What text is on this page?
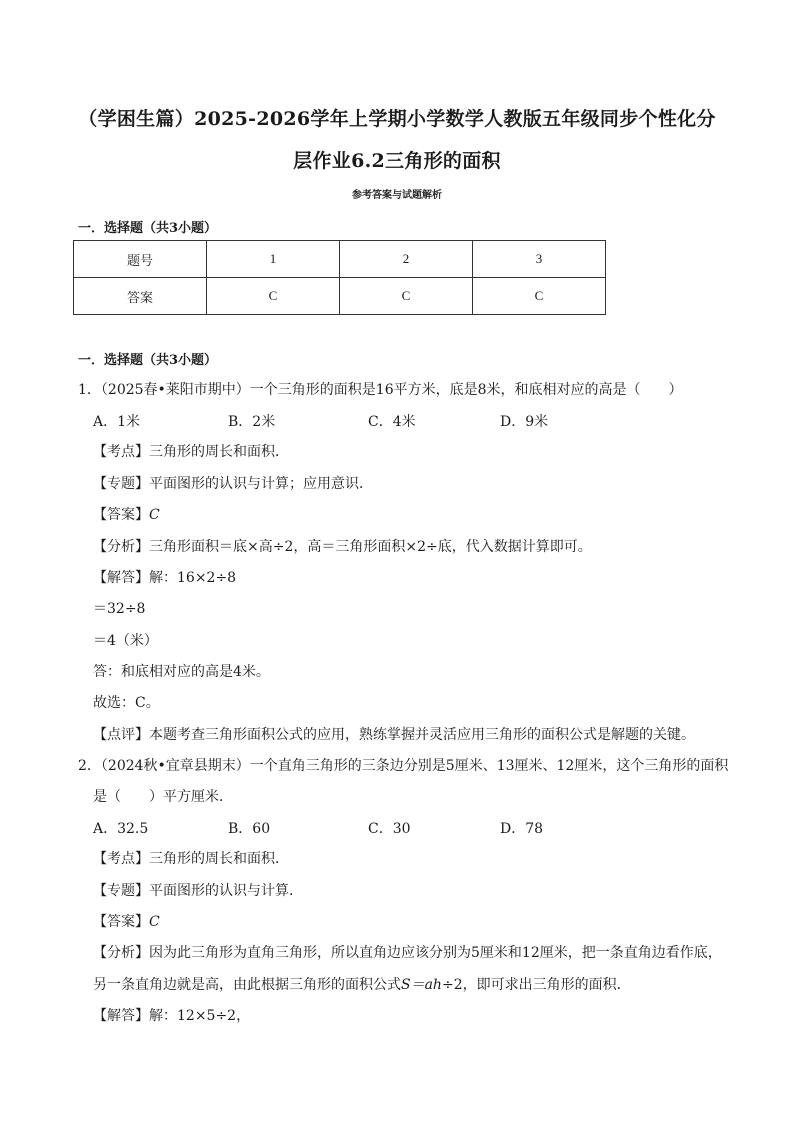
（学困生篇）2025-2026学年上学期小学数学人教版五年级同步个性化分
层作业6.2三角形的面积
参考答案与试题解析
一．选择题（共3小题）
题号	1	2	3
答案	C	C	C
一．选择题（共3小题）
1．（2025春•莱阳市期中）一个三角形的面积是16平方米，底是8米，和底相对应的高是（　　）
A．1米	B．2米	C．4米	D．9米
【考点】三角形的周长和面积．
【专题】平面图形的认识与计算；应用意识．
【答案】C
【分析】三角形面积＝底×高÷2，高＝三角形面积×2÷底，代入数据计算即可。
【解答】解：16×2÷8
＝32÷8
＝4（米）
答：和底相对应的高是4米。
故选：C。
【点评】本题考查三角形面积公式的应用，熟练掌握并灵活应用三角形的面积公式是解题的关键。
2．（2024秋•宜章县期末）一个直角三角形的三条边分别是5厘米、13厘米、12厘米，这个三角形的面积
是（　　）平方厘米．
A．32.5	B．60	C．30	D．78
【考点】三角形的周长和面积．
【专题】平面图形的认识与计算．
【答案】C
【分析】因为此三角形为直角三角形，所以直角边应该分别为5厘米和12厘米，把一条直角边看作底，
另一条直角边就是高，由此根据三角形的面积公式S＝ah÷2，即可求出三角形的面积．
【解答】解：12×5÷2，
